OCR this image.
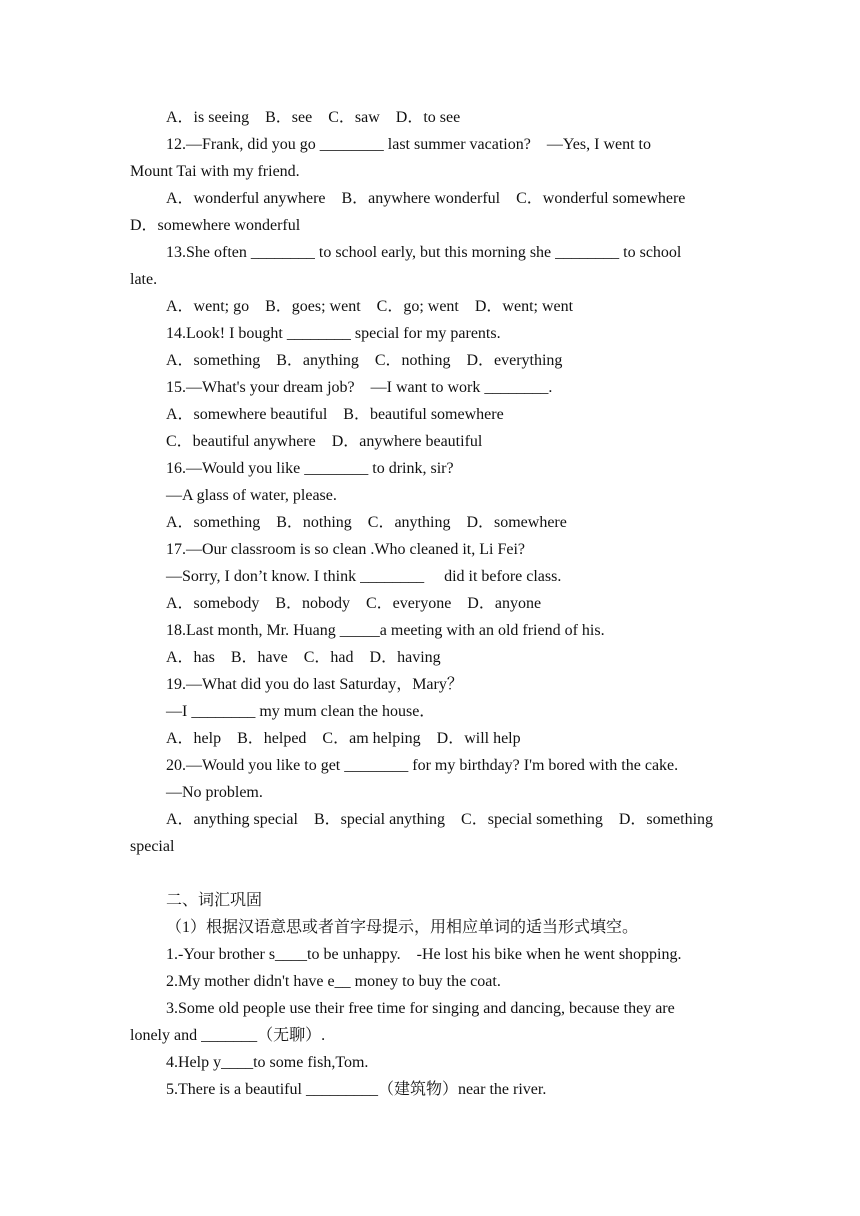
A．is seeing    B．see    C．saw    D．to see
12.—Frank, did you go ________ last summer vacation?    —Yes, I went to
Mount Tai with my friend.
A．wonderful anywhere    B．anywhere wonderful    C．wonderful somewhere
D．somewhere wonderful
13.She often ________ to school early, but this morning she ________ to school
late.
A．went; go    B．goes; went    C．go; went    D．went; went
14.Look! I bought ________ special for my parents.
A．something    B．anything    C．nothing    D．everything
15.—What's your dream job?    —I want to work ________.
A．somewhere beautiful    B．beautiful somewhere
C．beautiful anywhere    D．anywhere beautiful
16.—Would you like ________ to drink, sir?
—A glass of water, please.
A．something    B．nothing    C．anything    D．somewhere
17.—Our classroom is so clean .Who cleaned it, Li Fei?
—Sorry, I don’t know. I think ________     did it before class.
A．somebody    B．nobody    C．everyone    D．anyone
18.Last month, Mr. Huang _____a meeting with an old friend of his.
A．has    B．have    C．had    D．having
19.—What did you do last Saturday，Mary？
—I ________ my mum clean the house．
A．help    B．helped    C．am helping    D．will help
20.—Would you like to get ________ for my birthday? I'm bored with the cake.
—No problem.
A．anything special    B．special anything    C．special something    D．something
special
二、词汇巩固
（1）根据汉语意思或者首字母提示，用相应单词的适当形式填空。
1.-Your brother s____to be unhappy.    -He lost his bike when he went shopping.
2.My mother didn't have e__ money to buy the coat.
3.Some old people use their free time for singing and dancing, because they are
lonely and _______（无聊）.
4.Help y____to some fish,Tom.
5.There is a beautiful _________（建筑物）near the river.
